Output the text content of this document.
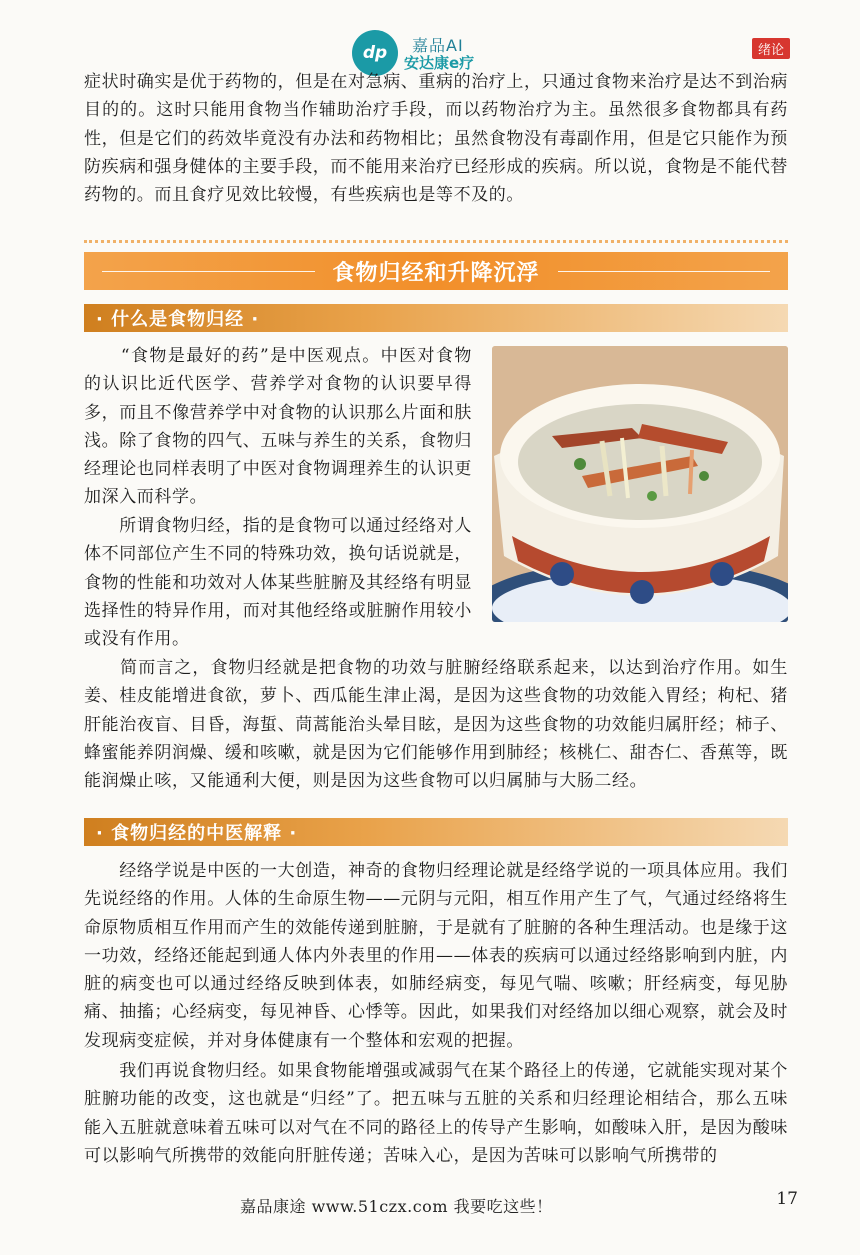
dp	嘉品AI
安达康e疗
绪论

症状时确实是优于药物的，但是在对急病、重病的治疗上，只通过食物来治疗是达不到治病目的的。这时只能用食物当作辅助治疗手段，而以药物治疗为主。虽然很多食物都具有药性，但是它们的药效毕竟没有办法和药物相比；虽然食物没有毒副作用，但是它只能作为预防疾病和强身健体的主要手段，而不能用来治疗已经形成的疾病。所以说，食物是不能代替药物的。而且食疗见效比较慢，有些疾病也是等不及的。

食物归经和升降沉浮
· 什么是食物归经 ·

　　“食物是最好的药”是中医观点。中医对食物的认识比近代医学、营养学对食物的认识要早得多，而且不像营养学中对食物的认识那么片面和肤浅。除了食物的四气、五味与养生的关系，食物归经理论也同样表明了中医对食物调理养生的认识更加深入而科学。

　　所谓食物归经，指的是食物可以通过经络对人体不同部位产生不同的特殊功效，换句话说就是，食物的性能和功效对人体某些脏腑及其经络有明显选择性的特异作用，而对其他经络或脏腑作用较小或没有作用。

　　简而言之，食物归经就是把食物的功效与脏腑经络联系起来，以达到治疗作用。如生姜、桂皮能增进食欲，萝卜、西瓜能生津止渴，是因为这些食物的功效能入胃经；枸杞、猪肝能治夜盲、目昏，海蜇、茼蒿能治头晕目眩，是因为这些食物的功效能归属肝经；柿子、蜂蜜能养阴润燥、缓和咳嗽，就是因为它们能够作用到肺经；核桃仁、甜杏仁、香蕉等，既能润燥止咳，又能通利大便，则是因为这些食物可以归属肺与大肠二经。

· 食物归经的中医解释 ·

　　经络学说是中医的一大创造，神奇的食物归经理论就是经络学说的一项具体应用。我们先说经络的作用。人体的生命原生物——元阴与元阳，相互作用产生了气，气通过经络将生命原物质相互作用而产生的效能传递到脏腑，于是就有了脏腑的各种生理活动。也是缘于这一功效，经络还能起到通人体内外表里的作用——体表的疾病可以通过经络影响到内脏，内脏的病变也可以通过经络反映到体表，如肺经病变，每见气喘、咳嗽；肝经病变，每见胁痛、抽搐；心经病变，每见神昏、心悸等。因此，如果我们对经络加以细心观察，就会及时发现病变症候，并对身体健康有一个整体和宏观的把握。

　　我们再说食物归经。如果食物能增强或减弱气在某个路径上的传递，它就能实现对某个脏腑功能的改变，这也就是“归经”了。把五味与五脏的关系和归经理论相结合，那么五味能入五脏就意味着五味可以对气在不同的路径上的传导产生影响，如酸味入肝，是因为酸味可以影响气所携带的效能向肝脏传递；苦味入心，是因为苦味可以影响气所携带的

嘉品康途 www.51czx.com 我要吃这些！	17
